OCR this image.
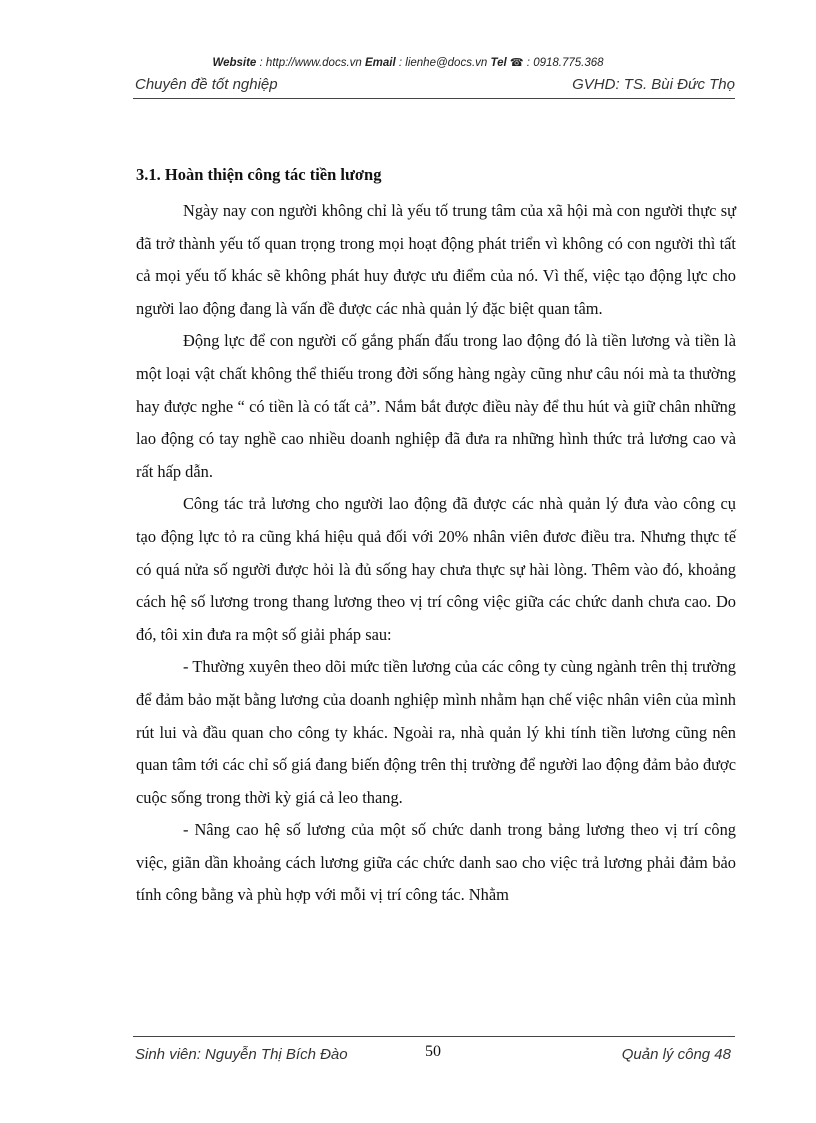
Website : http://www.docs.vn Email : lienhe@docs.vn Tel ☎ : 0918.775.368
Chuyên đề tốt nghiệp	GVHD: TS. Bùi Đức Thọ
3.1. Hoàn thiện công tác tiền lương

Ngày nay con người không chỉ là yếu tố trung tâm của xã hội mà con người thực sự đã trở thành yếu tố quan trọng trong mọi hoạt động phát triển vì không có con người thì tất cả mọi yếu tố khác sẽ không phát huy được ưu điểm của nó. Vì thế, việc tạo động lực cho người lao động đang là vấn đề được các nhà quản lý đặc biệt quan tâm.

Động lực để con người cố gắng phấn đấu trong lao động đó là tiền lương và tiền là một loại vật chất không thể thiếu trong đời sống hàng ngày cũng như câu nói mà ta thường hay được nghe “ có tiền là có tất cả”. Nắm bắt được điều này để thu hút và giữ chân những lao động có tay nghề cao nhiều doanh nghiệp đã đưa ra những hình thức trả lương cao và rất hấp dẫn.

Công tác trả lương cho người lao động đã được các nhà quản lý đưa vào công cụ tạo động lực tỏ ra cũng khá hiệu quả đối với 20% nhân viên đươc điều tra. Nhưng thực tế có quá nửa số người được hỏi là đủ sống hay chưa thực sự hài lòng. Thêm vào đó, khoảng cách hệ số lương trong thang lương theo vị trí công việc giữa các chức danh chưa cao. Do đó, tôi xin đưa ra một số giải pháp sau:

- Thường xuyên theo dõi mức tiền lương của các công ty cùng ngành trên thị trường để đảm bảo mặt bằng lương của doanh nghiệp mình nhằm hạn chế việc nhân viên của mình rút lui và đầu quan cho công ty khác. Ngoài ra, nhà quản lý khi tính tiền lương cũng nên quan tâm tới các chỉ số giá đang biến động trên thị trường để người lao động đảm bảo được cuộc sống trong thời kỳ giá cả leo thang.

- Nâng cao hệ số lương của một số chức danh trong bảng lương theo vị trí công việc, giãn dần khoảng cách lương giữa các chức danh sao cho việc trả lương phải đảm bảo tính công bằng và phù hợp với mỗi vị trí công tác. Nhằm

Sinh viên: Nguyễn Thị Bích Đào	50	Quản lý công 48
